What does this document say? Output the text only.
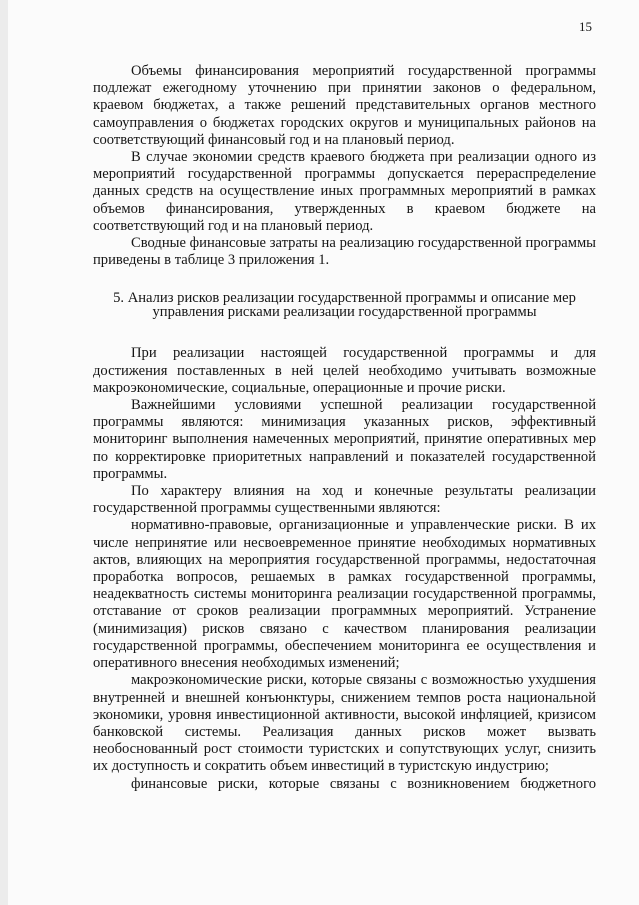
15

Объемы финансирования мероприятий государственной программы подлежат ежегодному уточнению при принятии законов о федеральном, краевом бюджетах, а также решений представительных органов местного самоуправления о бюджетах городских округов и муниципальных районов на соответствующий финансовый год и на плановый период.

В случае экономии средств краевого бюджета при реализации одного из мероприятий государственной программы допускается перераспределение данных средств на осуществление иных программных мероприятий в рамках объемов финансирования, утвержденных в краевом бюджете на соответствующий год и на плановый период.

Сводные финансовые затраты на реализацию государственной программы приведены в таблице 3 приложения 1.

5. Анализ рисков реализации государственной программы и описание мер управления рисками реализации государственной программы

При реализации настоящей государственной программы и для достижения поставленных в ней целей необходимо учитывать возможные макроэкономические, социальные, операционные и прочие риски.

Важнейшими условиями успешной реализации государственной программы являются: минимизация указанных рисков, эффективный мониторинг выполнения намеченных мероприятий, принятие оперативных мер по корректировке приоритетных направлений и показателей государственной программы.

По характеру влияния на ход и конечные результаты реализации государственной программы существенными являются:

нормативно-правовые, организационные и управленческие риски. В их числе непринятие или несвоевременное принятие необходимых нормативных актов, влияющих на мероприятия государственной программы, недостаточная проработка вопросов, решаемых в рамках государственной программы, неадекватность системы мониторинга реализации государственной программы, отставание от сроков реализации программных мероприятий. Устранение (минимизация) рисков связано с качеством планирования реализации государственной программы, обеспечением мониторинга ее осуществления и оперативного внесения необходимых изменений;

макроэкономические риски, которые связаны с возможностью ухудшения внутренней и внешней конъюнктуры, снижением темпов роста национальной экономики, уровня инвестиционной активности, высокой инфляцией, кризисом банковской системы. Реализация данных рисков может вызвать необоснованный рост стоимости туристских и сопутствующих услуг, снизить их доступность и сократить объем инвестиций в туристскую индустрию;

финансовые риски, которые связаны с возникновением бюджетного
